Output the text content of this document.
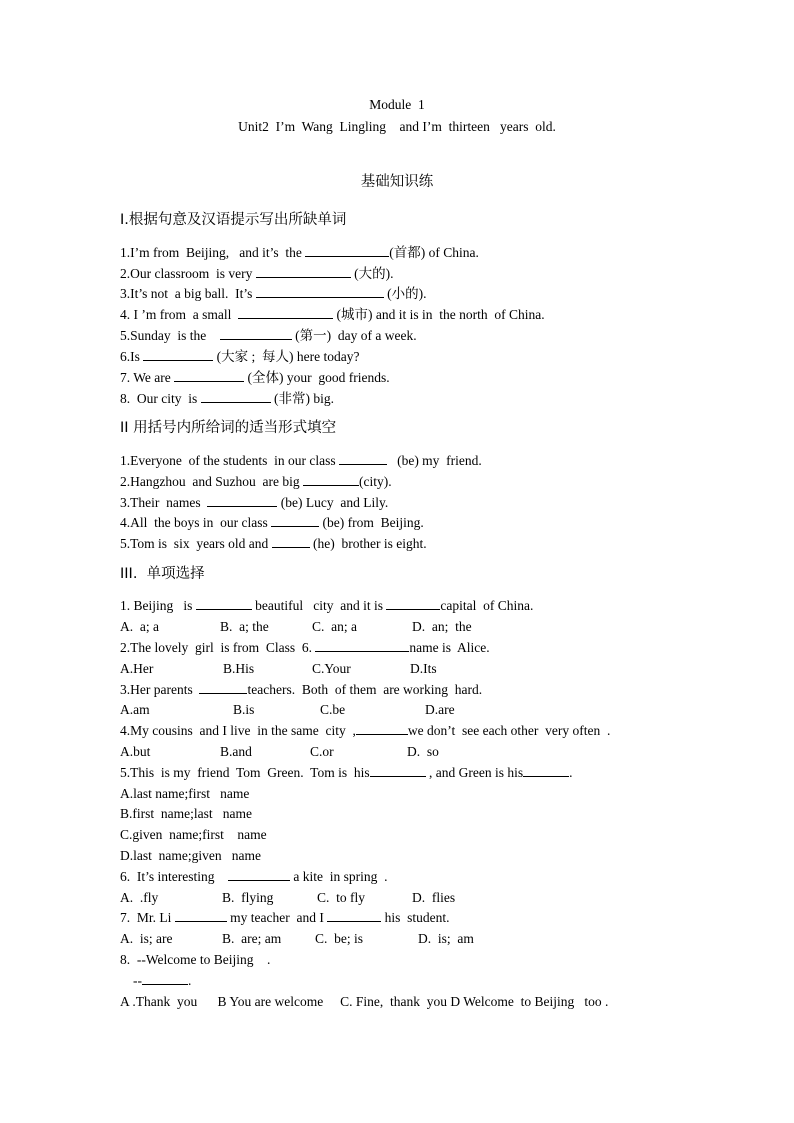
Module  1
Unit2  I’m  Wang  Lingling    and I’m  thirteen   years  old.
基础知识练
I.根据句意及汉语提示写出所缺单词
1.I’m from  Beijing,   and it’s  the	(首都) of China.
2.Our classroom  is very	(大的).
3.It’s not  a big ball.  It’s	(小的).
4. I ’m from  a small	(城市) and it is in  the north  of China.
5.Sunday  is the	(第一)  day of a week.
6.Is	(大家 ;  每人) here today?
7. We are	(全体) your  good friends.
8.  Our city  is	(非常) big.
II 用括号内所给词的适当形式填空
1.Everyone  of the students  in our class	(be) my  friend.
2.Hangzhou  and Suzhou  are big	(city).
3.Their  names	(be) Lucy  and Lily.
4.All  the boys in  our class	(be) from  Beijing.
5.Tom is  six  years old and	(he)  brother is eight.
III.  单项选择
1. Beijing   is	beautiful   city  and it is	capital  of China.
A.  a; a	B.  a; the	C.  an; a	D.  an;  the
2.The lovely  girl  is from  Class  6.	name is  Alice.
A.Her	B.His	C.Your	D.Its
3.Her parents	teachers.  Both  of them  are working  hard.
A.am	B.is	C.be	D.are
4.My cousins  and I live  in the same  city  ,	we don’t  see each other  very often  .
A.but	B.and	C.or	D.  so
5.This  is my  friend  Tom  Green.  Tom is  his	, and Green is his	.
A.last name;first   name
B.first  name;last   name
C.given  name;first    name
D.last  name;given   name
6.  It’s interesting	a kite  in spring  .
A.  .fly	B.  flying	C.  to fly	D.  flies
7.  Mr. Li	my teacher  and I	his  student.
A.  is; are	B.  are; am	C.  be; is	D.  is;  am
8.  --Welcome to Beijing    .
--	.
A .Thank  you      B You are welcome     C. Fine,  thank  you D Welcome  to Beijing   too .
